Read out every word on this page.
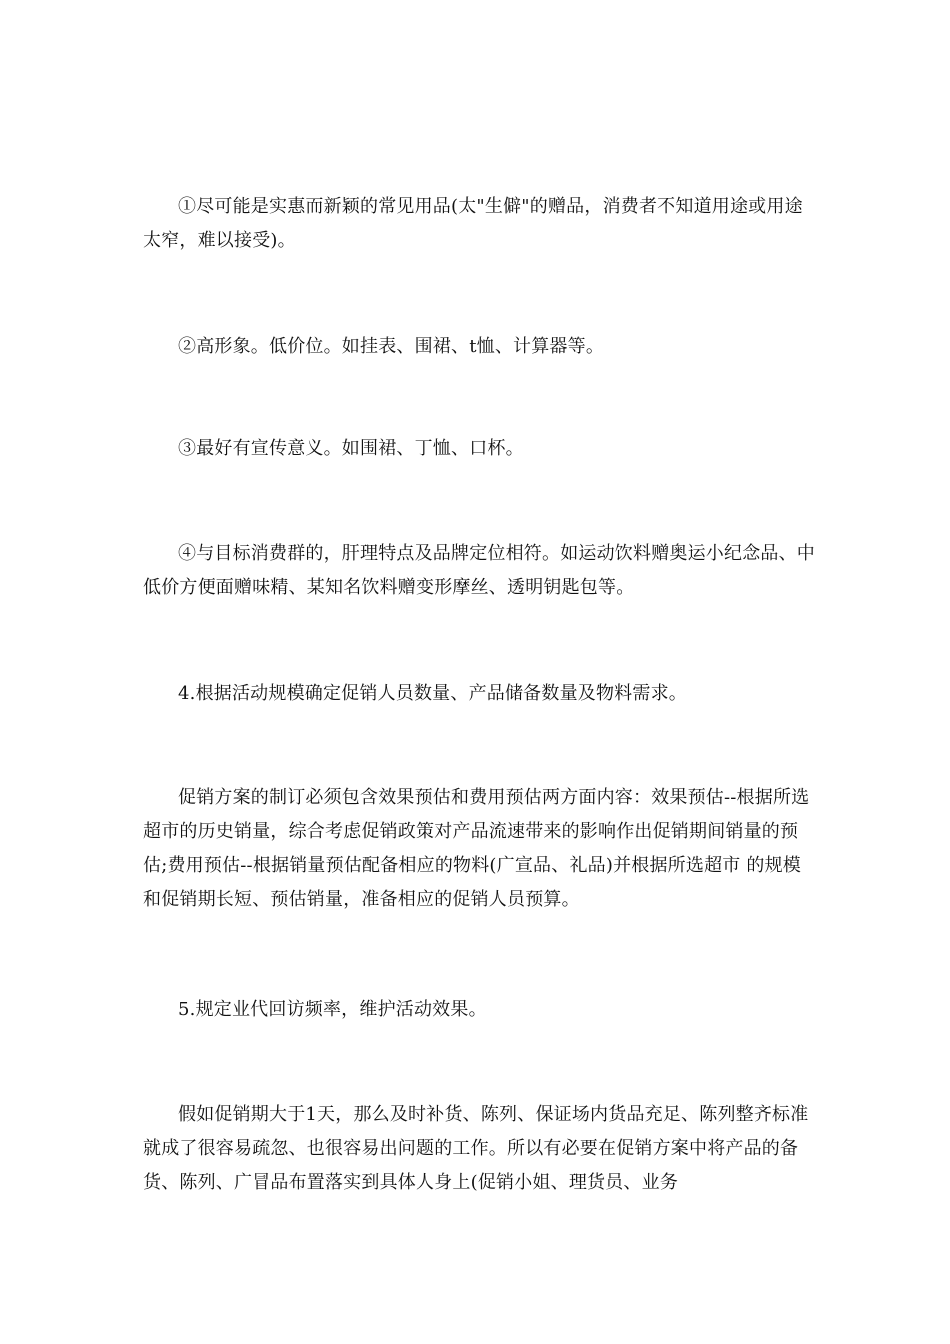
①尽可能是实惠而新颖的常见用品(太"生僻"的赠品，消费者不知道用途或用途太窄，难以接受)。

②高形象。低价位。如挂表、围裙、t恤、计算器等。

③最好有宣传意义。如围裙、丁恤、口杯。

④与目标消费群的，肝理特点及品牌定位相符。如运动饮料赠奥运小纪念品、中低价方便面赠味精、某知名饮料赠变形摩丝、透明钥匙包等。

4.根据活动规模确定促销人员数量、产品储备数量及物料需求。

促销方案的制订必须包含效果预估和费用预估两方面内容：效果预估--根据所选超市的历史销量，综合考虑促销政策对产品流速带来的影响作出促销期间销量的预估;费用预估--根据销量预估配备相应的物料(广宣品、礼品)并根据所选超市 的规模和促销期长短、预估销量，准备相应的促销人员预算。

5.规定业代回访频率，维护活动效果。

假如促销期大于1天，那么及时补货、陈列、保证场内货品充足、陈列整齐标准就成了很容易疏忽、也很容易出问题的工作。所以有必要在促销方案中将产品的备货、陈列、广冒品布置落实到具体人身上(促销小姐、理货员、业务
